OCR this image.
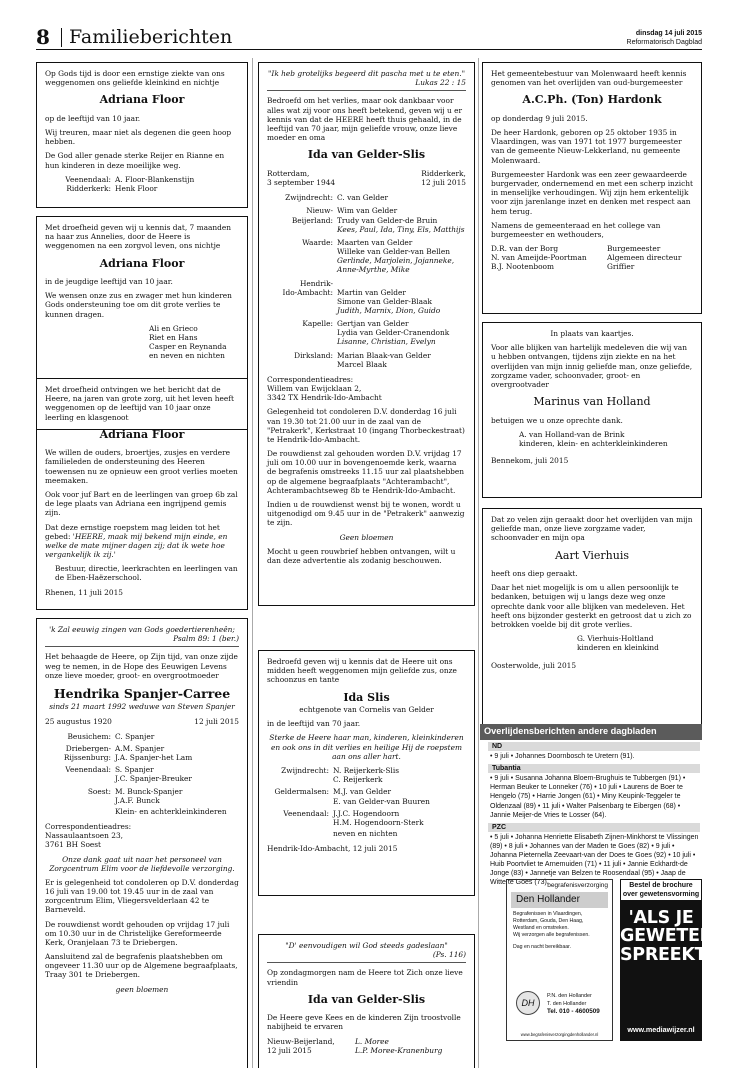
8 Familieberichten	dinsdag 14 juli 2015
Reformatorisch Dagblad

Op Gods tijd is door een ernstige ziekte van ons weggenomen ons geliefde kleinkind en nichtje

Adriana Floor

op de leeftijd van 10 jaar.

Wij treuren, maar niet als degenen die geen hoop hebben.

De God aller genade sterke Reijer en Rianne en hun kinderen in deze moeilijke weg.

Veenendaal: A. Floor-Blankenstijn
Ridderkerk: Henk Floor

Met droefheid geven wij u kennis dat, 7 maanden na haar zus Annelies, door de Heere is weggenomen na een zorgvol leven, ons nichtje

Adriana Floor

in de jeugdige leeftijd van 10 jaar.

We wensen onze zus en zwager met hun kinderen Gods ondersteuning toe om dit grote verlies te kunnen dragen.

Ali en Grieco
Riet en Hans
Casper en Reynanda
en neven en nichten

Met droefheid ontvingen we het bericht dat de Heere, na jaren van grote zorg, uit het leven heeft weggenomen op de leeftijd van 10 jaar onze leerling en klasgenoot

Adriana Floor

We willen de ouders, broertjes, zusjes en verdere familieleden de ondersteuning des Heeren toewensen nu ze opnieuw een groot verlies moeten meemaken.

Ook voor juf Bart en de leerlingen van groep 6b zal de lege plaats van Adriana een ingrijpend gemis zijn.

Dat deze ernstige roepstem mag leiden tot het gebed: 'HEERE, maak mij bekend mijn einde, en welke de mate mijner dagen zij; dat ik wete hoe vergankelijk ik zij.'

Bestuur, directie, leerkrachten en leerlingen van de Eben-Haëzerschool.

Rhenen, 11 juli 2015

'k Zal eeuwig zingen van Gods goedertierenheên;
Psalm 89: 1 (ber.)

Het behaagde de Heere, op Zijn tijd, van onze zijde weg te nemen, in de Hope des Eeuwigen Levens onze lieve moeder, groot- en overgrootmoeder

Hendrika Spanjer-Carree

sinds 21 maart 1992 weduwe van Steven Spanjer

25 augustus 1920	12 juli 2015
Beusichem: C. Spanjer
Driebergen-
Rijssenburg:
A.M. Spanjer
J.A. Spanjer-het Lam
Veenendaal: S. Spanjer
J.C. Spanjer-Breuker
Soest: M. Bunck-Spanjer
J.A.F. Bunck
Klein- en achterkleinkinderen

Correspondentieadres:
Nassaulaantsoen 23,
3761 BH Soest

Onze dank gaat uit naar het personeel van Zorgcentrum Elim voor de liefdevolle verzorging.

Er is gelegenheid tot condoleren op D.V. donderdag 16 juli van 19.00 tot 19.45 uur in de zaal van zorgcentrum Elim, Vliegersvelderlaan 42 te Barneveld.

De rouwdienst wordt gehouden op vrijdag 17 juli om 10.30 uur in de Christelijke Gereformeerde Kerk, Oranjelaan 73 te Driebergen.

Aansluitend zal de begrafenis plaatshebben om ongeveer 11.30 uur op de Algemene begraafplaats, Traay 301 te Driebergen.

geen bloemen

"Ik heb grotelijks begeerd dit pascha met u te eten."
Lukas 22 : 15

Bedroefd om het verlies, maar ook dankbaar voor alles wat zij voor ons heeft betekend, geven wij u er kennis van dat de HEERE heeft thuis gehaald, in de leeftijd van 70 jaar, mijn geliefde vrouw, onze lieve moeder en oma

Ida van Gelder-Slis
Rotterdam,
3 september 1944
Ridderkerk,
12 juli 2015
Zwijndrecht: C. van Gelder
Nieuw-Beijerland:
Wim van Gelder
Trudy van Gelder-de Bruin
Kees, Paul, Ida, Tiny, Els, Matthijs
Waarde: Maarten van Gelder
Willeke van Gelder-van Bellen
Gerlinde, Marjolein, Jojanneke, Anne-Myrthe, Mike
Hendrik-
Ido-Ambacht: Martin van Gelder
Simone van Gelder-Blaak
Judith, Marnix, Dion, Guido
Kapelle: Gertjan van Gelder
Lydia van Gelder-Cranendonk
Lisanne, Christian, Evelyn
Dirksland: Marian Blaak-van Gelder
Marcel Blaak

Correspondentieadres:
Willem van Ewijcklaan 2,
3342 TX Hendrik-Ido-Ambacht

Gelegenheid tot condoleren D.V. donderdag 16 juli van 19.30 tot 21.00 uur in de zaal van de "Petrakerk", Kerkstraat 10 (ingang Thorbeckestraat) te Hendrik-Ido-Ambacht.

De rouwdienst zal gehouden worden D.V. vrijdag 17 juli om 10.00 uur in bovengenoemde kerk, waarna de begrafenis omstreeks 11.15 uur zal plaatshebben op de algemene begraafplaats "Achterambacht", Achterambachtseweg 8b te Hendrik-Ido-Ambacht.

Indien u de rouwdienst wenst bij te wonen, wordt u uitgenodigd om 9.45 uur in de "Petrakerk" aanwezig te zijn.

Geen bloemen

Mocht u geen rouwbrief hebben ontvangen, wilt u dan deze advertentie als zodanig beschouwen.

Bedroefd geven wij u kennis dat de Heere uit ons midden heeft weggenomen mijn geliefde zus, onze schoonzus en tante

Ida Slis

echtgenote van Cornelis van Gelder

in de leeftijd van 70 jaar.

Sterke de Heere haar man, kinderen, kleinkinderen en ook ons in dit verlies en heilige Hij de roepstem aan ons aller hart.

Zwijndrecht: N. Reijerkerk-Slis
C. Reijerkerk
Geldermalsen: M.J. van Gelder
E. van Gelder-van Buuren
Veenendaal: J.J.C. Hogendoorn
H.M. Hogendoorn-Sterk
neven en nichten

Hendrik-Ido-Ambacht, 12 juli 2015

"D' eenvoudigen wil God steeds gadeslaan"
(Ps. 116)

Op zondagmorgen nam de Heere tot Zich onze lieve vriendin

Ida van Gelder-Slis

De Heere geve Kees en de kinderen Zijn troostvolle nabijheid te ervaren

Nieuw-Beijerland,
12 juli 2015
L. Moree
L.P. Moree-Kranenburg

Het gemeentebestuur van Molenwaard heeft kennis genomen van het overlijden van oud-burgemeester

A.C.Ph. (Ton) Hardonk

op donderdag 9 juli 2015.

De heer Hardonk, geboren op 25 oktober 1935 in Vlaardingen, was van 1971 tot 1977 burgemeester van de gemeente Nieuw-Lekkerland, nu gemeente Molenwaard.

Burgemeester Hardonk was een zeer gewaardeerde burgervader, ondernemend en met een scherp inzicht in menselijke verhoudingen. Wij zijn hem erkentelijk voor zijn jarenlange inzet en denken met respect aan hem terug.

Namens de gemeenteraad en het college van burgemeester en wethouders,

D.R. van der Borg	Burgemeester
N. van Ameijde-Poortman	Algemeen directeur
B.J. Nootenboom	Griffier

In plaats van kaartjes.

Voor alle blijken van hartelijk medeleven die wij van u hebben ontvangen, tijdens zijn ziekte en na het overlijden van mijn innig geliefde man, onze geliefde, zorgzame vader, schoonvader, groot- en overgrootvader

Marinus van Holland

betuigen we u onze oprechte dank.

A. van Holland-van de Brink
kinderen, klein- en achterkleinkinderen

Bennekom, juli 2015

Dat zo velen zijn geraakt door het overlijden van mijn geliefde man, onze lieve zorgzame vader, schoonvader en mijn opa

Aart Vierhuis

heeft ons diep geraakt.

Daar het niet mogelijk is om u allen persoonlijk te bedanken, betuigen wij u langs deze weg onze oprechte dank voor alle blijken van medeleven. Het heeft ons bijzonder gesterkt en getroost dat u zich zo betrokken voelde bij dit grote verlies.

G. Vierhuis-Holtland
kinderen en kleinkind

Oosterwolde, juli 2015

Overlijdensberichten andere dagbladen
ND
• 9 juli • Johannes Doornbosch te Uretern (91).
Tubantia
• 9 juli • Susanna Johanna Bloem-Brughuis te Tubbergen (91) • Herman Beuker te Lonneker (76) • 10 juli • Laurens de Boer te Hengelo (75) • Harrie Jongen (61) • Miny Keupink-Teggeler te Oldenzaal (89) • 11 juli • Walter Palsenbarg te Eibergen (68) • Jannie Meijer-de Vries te Losser (64).
PZC
• 5 juli • Johanna Henriette Elisabeth Zijnen-Minkhorst te Vlissingen (89) • 8 juli • Johannes van der Maden te Goes (82) • 9 juli • Johanna Pieternella Zeevaart-van der Does te Goes (92) • 10 juli • Huib Poortvliet te Arnemuiden (71) • 11 juli • Jannie Eckhardt-de Jonge (83) • Jannetje van Belzen te Roosendaal (95) • Jaap de Witte te Goes (73).
begrafenisverzorging
Den Hollander
Begrafenissen in Vlaardingen, Rotterdam, Gouda, Den Haag, Westland en omstreken.
Wij verzorgen alle begrafenissen.
Dag en nacht bereikbaar.
DH
P.N. den Hollander
T. den Hollander
Tel. 010 - 4600509
www.begrafenisverzorgingdenhollander.nl
Bestel de brochure
over gewetensvorming
'ALS JE GEWETEN SPREEKT...'
www.mediawijzer.nl
